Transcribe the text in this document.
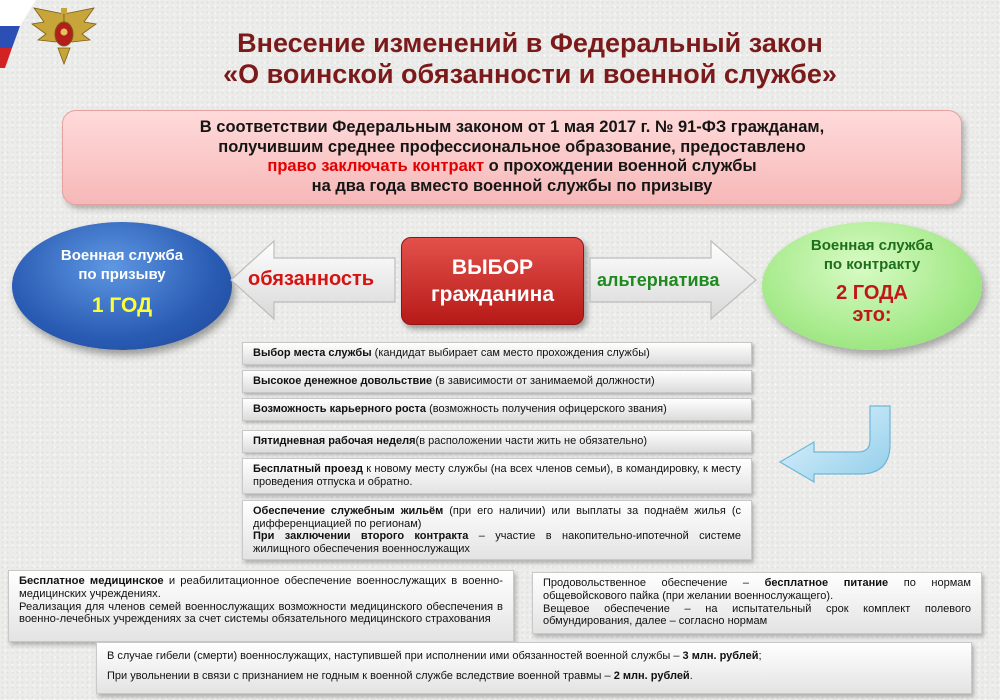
Внесение изменений в Федеральный закон
«О воинской обязанности и военной службе»
В соответствии Федеральным законом от 1 мая 2017 г. № 91-ФЗ гражданам,
получившим среднее профессиональное образование, предоставлено
право заключать контракт о прохождении военной службы
на два года вместо военной службы по призыву
Военная служба
по призыву
1 ГОД
обязанность	ВЫБОР
гражданина
альтернатива
Военная служба
по контракту
2 ГОДА
это:
Выбор места службы (кандидат выбирает сам место прохождения службы)
Высокое денежное довольствие (в зависимости от занимаемой должности)
Возможность карьерного роста (возможность получения офицерского звания)
Пятидневная рабочая неделя(в расположении части жить не обязательно)
Бесплатный проезд к новому месту службы (на всех членов семьи), в командировку, к месту проведения отпуска и обратно.
Обеспечение служебным жильём (при его наличии) или выплаты за поднаём жилья (с дифференциацией по регионам)
При заключении второго контракта – участие в накопительно-ипотечной системе жилищного обеспечения военнослужащих
Бесплатное медицинское и реабилитационное обеспечение военнослужащих в военно-медицинских учреждениях.
Реализация для членов семей военнослужащих возможности медицинского обеспечения в военно-лечебных учреждениях за счет системы обязательного медицинского страхования
Продовольственное обеспечение – бесплатное питание по нормам общевойскового пайка (при желании военнослужащего).
Вещевое обеспечение – на испытательный срок комплект полевого обмундирования, далее – согласно нормам
В случае гибели (смерти) военнослужащих, наступившей при исполнении ими обязанностей военной службы – 3 млн. рублей;
При увольнении в связи с признанием не годным к военной службе вследствие военной травмы – 2 млн. рублей.
